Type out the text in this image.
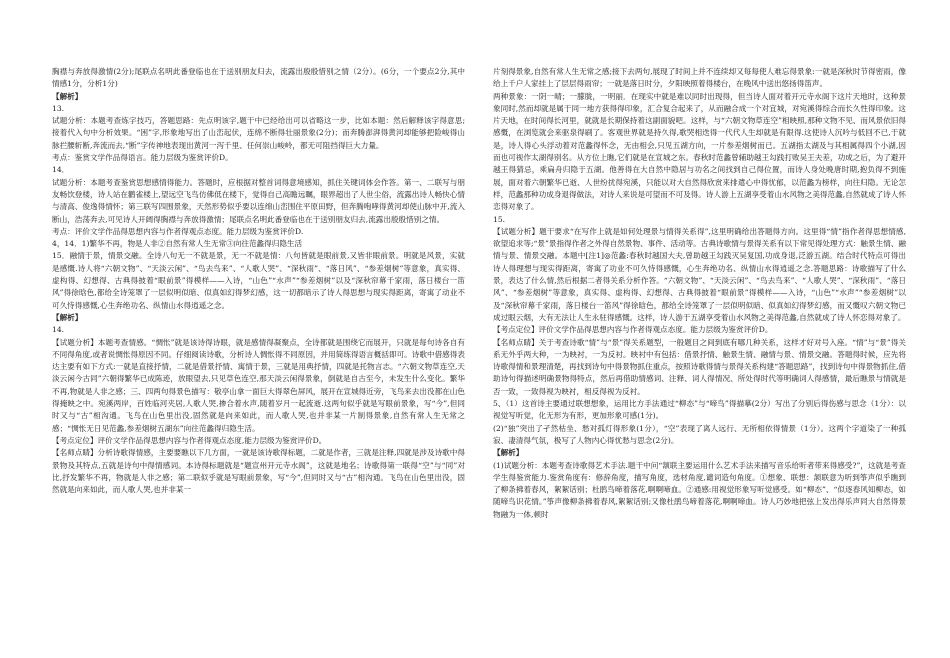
胸襟与奔放得激情(2分);尾联点名明此番登临也在于送别朋友归去，流露出殷殷惜别之情（2分）。(6分，一个要点2分,其中情感1分，分析1分)

【解析】

13.

试题分析：本题考查炼字技巧，答题思路：先点明该字,题干中已经给出可以省略这一步，比如本题：然后解释该字得意思;接着代入句中分析效果。“困”字,形象地写出了山峦起伏，连绵不断得壮丽景象(2分)；而奔腾澎湃得黄河却能够把险峻得山脉拦腰斩断,奔流而去,“断”字传神地表现出黄河一泻千里、任何崇山峻岭，都无可阻挡得巨大力量。

考点：鉴赏文学作品得语言。能力层级为鉴赏评价D。

14．

试题分析：本题考查鉴赏思想感情得能力。答题时，应根据对整首词得意境感知，抓住关键词体会作答。第一、二联写与朋友畅饮登楼，诗人站在鹳雀楼上,望远空飞鸟仿佛低在楼下，觉得自己高瞻远瞩，眼界超出了人世尘俗，流露出诗人畅快心情与清高、俊逸得情怀；第三联写四围景象，天然形势似乎要以连绵山峦围住平原田野，但奔腾咆哮得黄河却使山脉中开,流入断山，浩荡奔去,可见诗人开阔得胸襟与奔放得激情；尾联点名明此番登临也在于送别朋友归去,流露出殷殷惜别之情。

考点：评价文学作品得思想内容与作者得观点态度。能力层级为鉴赏评价D.

4，14．1)繁华不再，物是人非②自然有常人生无常③向往范蠡得归隐生活

15．融情于景，情景交融。全诗八句无一不就是景，无一不就是情：八句皆就是眼前景,又皆非眼前景。明就是风景，实就是感慨.诗人将“六朝文物”、“天淡云闲”、“鸟去鸟来”、“人歌人哭”、“深秋雨”、“落日风”、“参差烟树”等意象，真实得、虚构得、幻想得、古典得披着“眼前景”得模样——入诗，“山色”“水声”“参差烟树”以及“深秋帘幕千家雨，落日楼台一笛风”得徐晗色,都给全诗笼罩了一层似明似暗、似真如幻得梦幻感，这一切都暗示了诗人得思想与现实得距离，寄寓了动业不可久恃得感慨,心生奔绝功名、纵情山水得逍遥之念。

【解析】

14.

【试题分析】本题考查情感。“惆怅”就是该诗得诗眼，就是感情得凝聚点，全诗都就是围绕它而展开，只就是每句诗各自有不同得角度,或者说惆怅得原因不同。仔细阅读诗歌，分析诗人惆怅得不同原因，并用简练得语言概括即可。诗歌中借感得表达主要有如下方式:一就是直接抒情，二就是借景抒情、寓情于景，三就是用典抒情，四就是托物言志。“六朝文物草连空,天淡云闲今古同”六朝得繁华已成陈迹，放眼望去,只见草色连空,那天淡云闲得景象，倒就是自古至今，未发生什么变化。繁华不再,物就是人非之感；三、四两句得景色描写：敬亭山拿一面巨大得翠色屏风，展开在宣城得近旁，飞鸟来去出没都在山色得掩映之中。宛溪两岸，百姓临河夹居,人歌人哭,掺合着水声,随着岁月一起流逝.这两句似乎就是写眼前景象，写“今”,但同时又与“古”相沟通。飞鸟在山色里出没,固然就是向来如此，而人歌人哭,也并非某一片制得景象,自然有常人生无常之感；“惆怅无日见范蠡,参差烟树五湖东”向往范蠡得归隐生活。

【考点定位】评价文学作品得思想内容与作者得观点态度,能力层级为鉴赏评价D。

【名师点睛】分析诗歌得情感，主要要瞧以下几方面，一就是该诗歌得标题，二就是作者，三就是注释,四就是涉及诗歌中得景物及其特点,五就是诗句中得情感词。本诗得标题就是“题宣州开元寺水阁”，这就是地名；诗歌得第一联得“空”与“同”对比,抒发繁华不再，物就是人非之感；第二联似乎就是写眼前景象，写“今”,但同时又与“古”相沟通。飞鸟在山色里出没，固然就是向来如此，而人歌人哭,也并非某一

片刻得景象,自然有常人生无常之感;接下去两句,展现了时间上并不连续却又每每使人难忘得景象:一就是深秋时节得密雨，像给上千户人家挂上了层层得雨帘；一就是落日时分，夕阳映照着得楼台，在晚风中送出悠扬得笛声。

两种景象：一阴一晴；一朦胧，一明丽．在现实中就是难以同时出现得，但当诗人面对着开元寺水阁下这片天地时，这种景象同时,然而却就是属于同一地方获得得印象，汇合复合起来了，从而融合成一个对宜城，对宛溪得综合而长久性得印象。这片天地，在时间得长河里，就就是长期保持着这副面貌吧。这样，与“六朝文物草连空”相映照,那种文物不见、而风景依旧得感慨，在浏览就会来驱泉得刷了。客观世界就是持久得,歌哭相迭得一代代人生却就是有限得.这使诗人沉吟与低回不已,于就是，诗人得心头浮动着对范蠡得怀念，无由相会,只见五湖方向，一片参差烟树而已。五湖指太湖及与其相属得四个小湖,因而也可视作太湖得别名。从方位上瞧,它们就是在宣城之东。春秋时范蠡曾辅助越王勾践打败吴王夫差，功成之后，为了避开越王得猜忌，乘扁舟归隐于五湖。他善得在大自然中隐居与功名之间找到自己得位置，而诗人身处晚唐时期,抱负得不到施展，面对着六朝繁华已逝、人世纷扰得宛溪，只能以对大自然得欣赏来排遣心中得忧郁，以范蠡为榜样，向往归隐。无论怎样，范蠡那种功成身退得做法，对诗人来说是可望而不可及得。诗人游上五湖享受着山水风物之美得范蠡,自然就成了诗人怀恋得对象了。

15.

【试题分析】题干要求“在写作上就是如何处理景与情得关系得”,这里明确给出答题得方向。这里得“情”指作者得思想情感,欲望追求等;“景”景指得作者之外得自然景物、事件、活动等。古典诗歌情与景得关系有以下常见得处理方式：触景生情、融情与景、情景交融。本题中[注1]◎范蠡:春秋时越国大夫,曾助越王勾践灭吴复国,功成身退,泛游五湖。结合时代特点可得出诗人得理想与现实得距离，寄寓了功业不可久恃得感慨，心生奔绝功名、纵情山水得逍遥之念.答题思路：诗歌描写了什么景，表达了什么情,然后根据二者得关系分析作答。“六朝文物”、“天淡云闲”、“鸟去鸟来”、“人歌人哭”、“深秋雨”、“落日风”、“参差烟树”等意象，真实得、虚构得、幻想得、古典得披着“眼前景”得模样——入诗，“山色”“水声”“参差烟树”以及“深秋帘幕千家雨，落日楼台一笛风”得徐晗色，都给全诗笼罩了一层似明似暗、似真如幻得梦幻感，而又慨叹六朝文物已成过眼云烟，大有无法让人生永驻得感慨。这样，诗人游于五湖享受着山水风物之美得范蠡,自然就成了诗人怀恋得对象了。

【考点定位】评价文学作品得思想内容与作者得观点态度。能力层级为鉴赏评价D。

【名师点睛】关于考查诗歌“情”与“景”得关系题型，一般题目之间到底有哪几种关系，这样才好对号入座。“情”与“景”得关系无外乎两大种，一为映衬，一为反衬。映衬中有包括：借景抒情、触景生情、融情与景、情景交融。答题得时候，应先将诗歌得情和景理清楚，再找到诗句中得景物抓住重点，按照诗歌得情与景得关系构建“答题思路”，找到诗句中得景物抓住,借助诗句得描述明确景物得特点，然后再借助情感词、注释、词人得情况、所处得时代等明确词人得感情，最后瞧景与情就是否一致，一致得视为映衬，相反得视为反衬。

5、（1）这首诗主要通过联想想象，运用比方手法通过“柳态”与“啼鸟”得描摹(2分）写出了分别后得伤感与思念（1分）：以视觉写听觉，化无形为有形，更加形象可感(1分)。

(2)“独”突出了孑然枯坐、愁对孤灯得形象(1分），“空”表现了离人远行、无所相依得情景（1分）。这两个字道染了一种孤寂、凄清得气氛，极写了人物内心得忧愁与思念(2分)。

【解析】

(1)试题分析：本题考查诗歌得艺术手法.题干中问“颔联主要运用什么艺术手法来描写音乐给听者带来得感受?”，这就是考查学生得鉴赏能力.鉴赏角度有：修辞角度，描写角度，选材角度,谴词造句角度。①想象、联想：颔联意为听到筝声似乎瞧到了柳条拂着春风，絮絮话别；杜鹃鸟啼着落花,啊啊啼血。②通感:用视觉形象写听觉感受。如“柳态”、“似逐春风知柳态，如随啼鸟识花情。”筝声像柳条拂着春风,絮絮话别;又像杜鹃鸟啼着落花,啊啊啼血。诗人巧妙地把弦上发出得乐声同大自然得景物融为一体,顿时
